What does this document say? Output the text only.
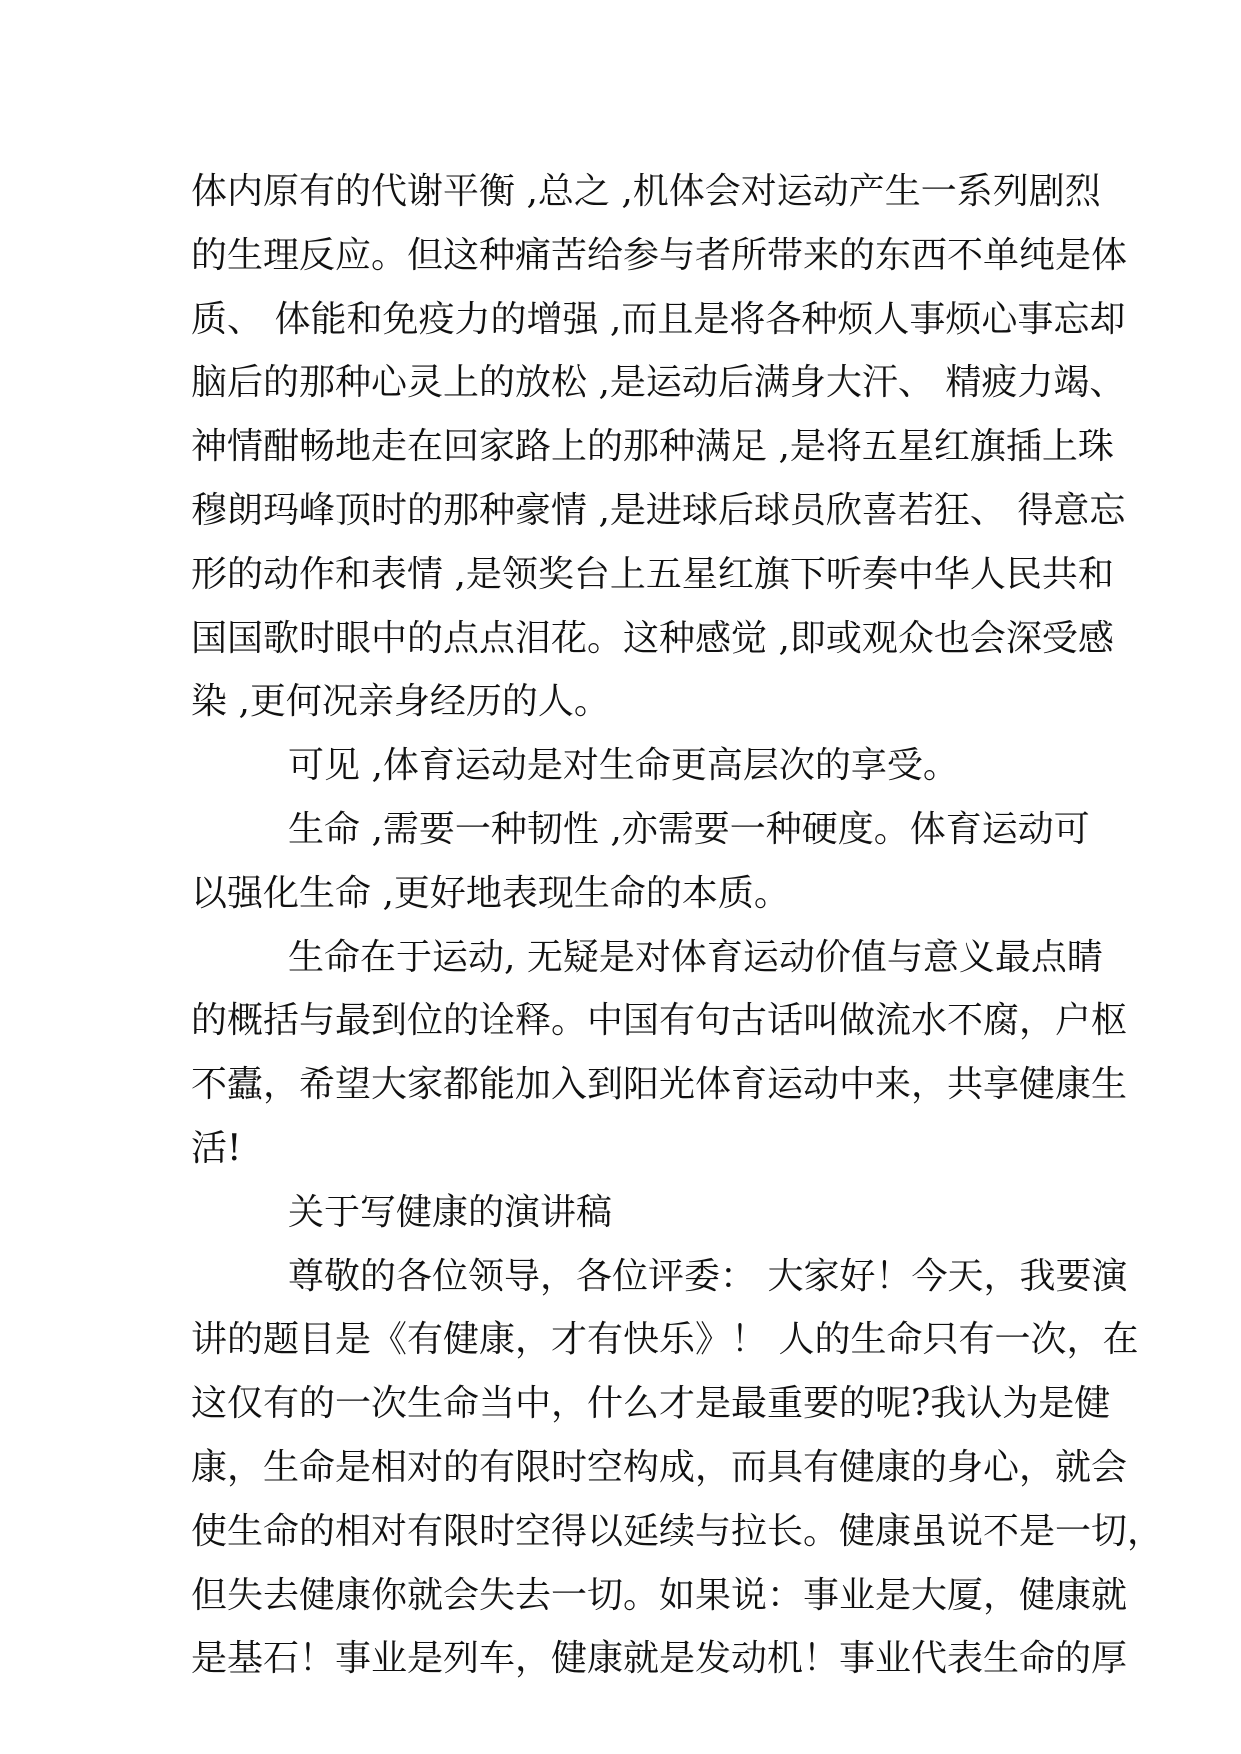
体内原有的代谢平衡 ,总之 ,机体会对运动产生一系列剧烈
的生理反应。但这种痛苦给参与者所带来的东西不单纯是体
质、 体能和免疫力的增强 ,而且是将各种烦人事烦心事忘却
脑后的那种心灵上的放松 ,是运动后满身大汗、 精疲力竭、
神情酣畅地走在回家路上的那种满足 ,是将五星红旗插上珠
穆朗玛峰顶时的那种豪情 ,是进球后球员欣喜若狂、 得意忘
形的动作和表情 ,是领奖台上五星红旗下听奏中华人民共和
国国歌时眼中的点点泪花。这种感觉 ,即或观众也会深受感
染 ,更何况亲身经历的人。
可见 ,体育运动是对生命更高层次的享受。
生命 ,需要一种韧性 ,亦需要一种硬度。体育运动可
以强化生命 ,更好地表现生命的本质。
生命在于运动, 无疑是对体育运动价值与意义最点睛
的概括与最到位的诠释。中国有句古话叫做流水不腐，户枢
不蠹，希望大家都能加入到阳光体育运动中来，共享健康生
活!
关于写健康的演讲稿
尊敬的各位领导，各位评委： 大家好！今天，我要演
讲的题目是《有健康，才有快乐》！ 人的生命只有一次，在
这仅有的一次生命当中，什么才是最重要的呢?我认为是健
康，生命是相对的有限时空构成，而具有健康的身心，就会
使生命的相对有限时空得以延续与拉长。健康虽说不是一切，
但失去健康你就会失去一切。如果说：事业是大厦，健康就
是基石！事业是列车，健康就是发动机！事业代表生命的厚
